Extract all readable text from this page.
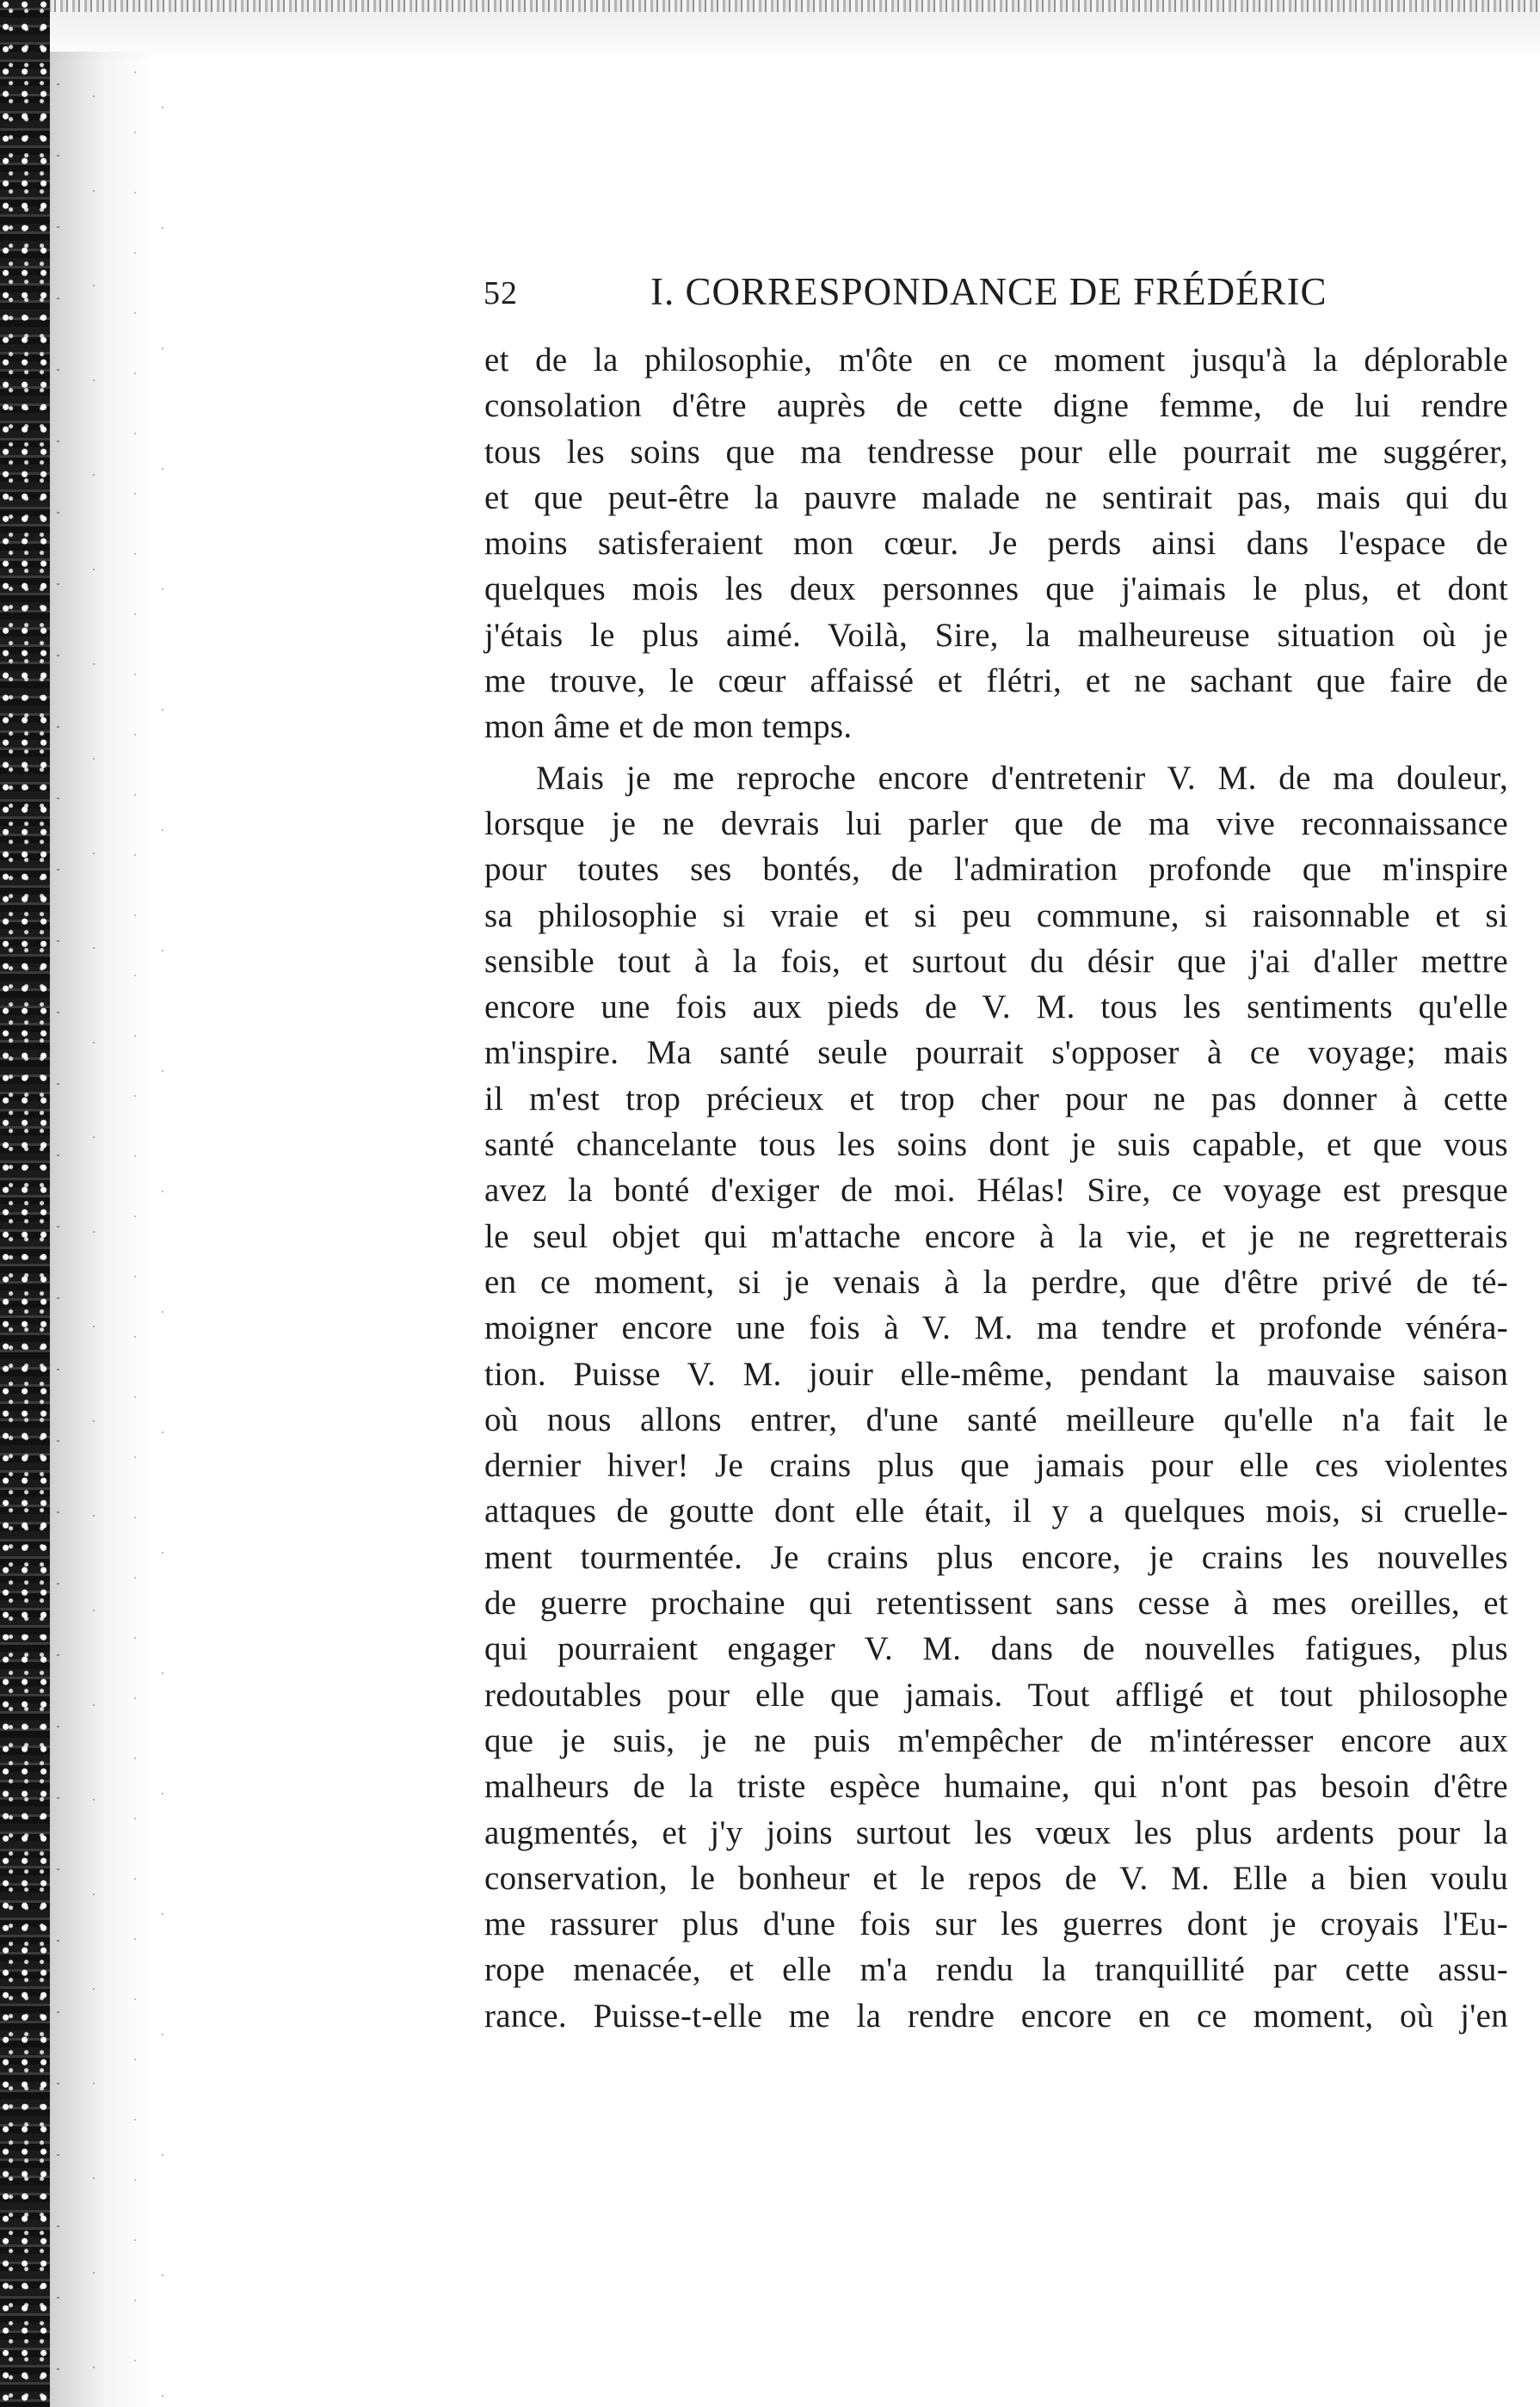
52	I. CORRESPONDANCE DE FRÉDÉRIC
et de la philosophie, m'ôte en ce moment jusqu'à la déplorable
consolation d'être auprès de cette digne femme, de lui rendre
tous les soins que ma tendresse pour elle pourrait me suggérer,
et que peut-être la pauvre malade ne sentirait pas, mais qui du
moins satisferaient mon cœur. Je perds ainsi dans l'espace de
quelques mois les deux personnes que j'aimais le plus, et dont
j'étais le plus aimé. Voilà, Sire, la malheureuse situation où je
me trouve, le cœur affaissé et flétri, et ne sachant que faire de
mon âme et de mon temps.
Mais je me reproche encore d'entretenir V. M. de ma douleur,
lorsque je ne devrais lui parler que de ma vive reconnaissance
pour toutes ses bontés, de l'admiration profonde que m'inspire
sa philosophie si vraie et si peu commune, si raisonnable et si
sensible tout à la fois, et surtout du désir que j'ai d'aller mettre
encore une fois aux pieds de V. M. tous les sentiments qu'elle
m'inspire. Ma santé seule pourrait s'opposer à ce voyage; mais
il m'est trop précieux et trop cher pour ne pas donner à cette
santé chancelante tous les soins dont je suis capable, et que vous
avez la bonté d'exiger de moi. Hélas! Sire, ce voyage est presque
le seul objet qui m'attache encore à la vie, et je ne regretterais
en ce moment, si je venais à la perdre, que d'être privé de té-
moigner encore une fois à V. M. ma tendre et profonde vénéra-
tion. Puisse V. M. jouir elle-même, pendant la mauvaise saison
où nous allons entrer, d'une santé meilleure qu'elle n'a fait le
dernier hiver! Je crains plus que jamais pour elle ces violentes
attaques de goutte dont elle était, il y a quelques mois, si cruelle-
ment tourmentée. Je crains plus encore, je crains les nouvelles
de guerre prochaine qui retentissent sans cesse à mes oreilles, et
qui pourraient engager V. M. dans de nouvelles fatigues, plus
redoutables pour elle que jamais. Tout affligé et tout philosophe
que je suis, je ne puis m'empêcher de m'intéresser encore aux
malheurs de la triste espèce humaine, qui n'ont pas besoin d'être
augmentés, et j'y joins surtout les vœux les plus ardents pour la
conservation, le bonheur et le repos de V. M. Elle a bien voulu
me rassurer plus d'une fois sur les guerres dont je croyais l'Eu-
rope menacée, et elle m'a rendu la tranquillité par cette assu-
rance. Puisse-t-elle me la rendre encore en ce moment, où j'en
